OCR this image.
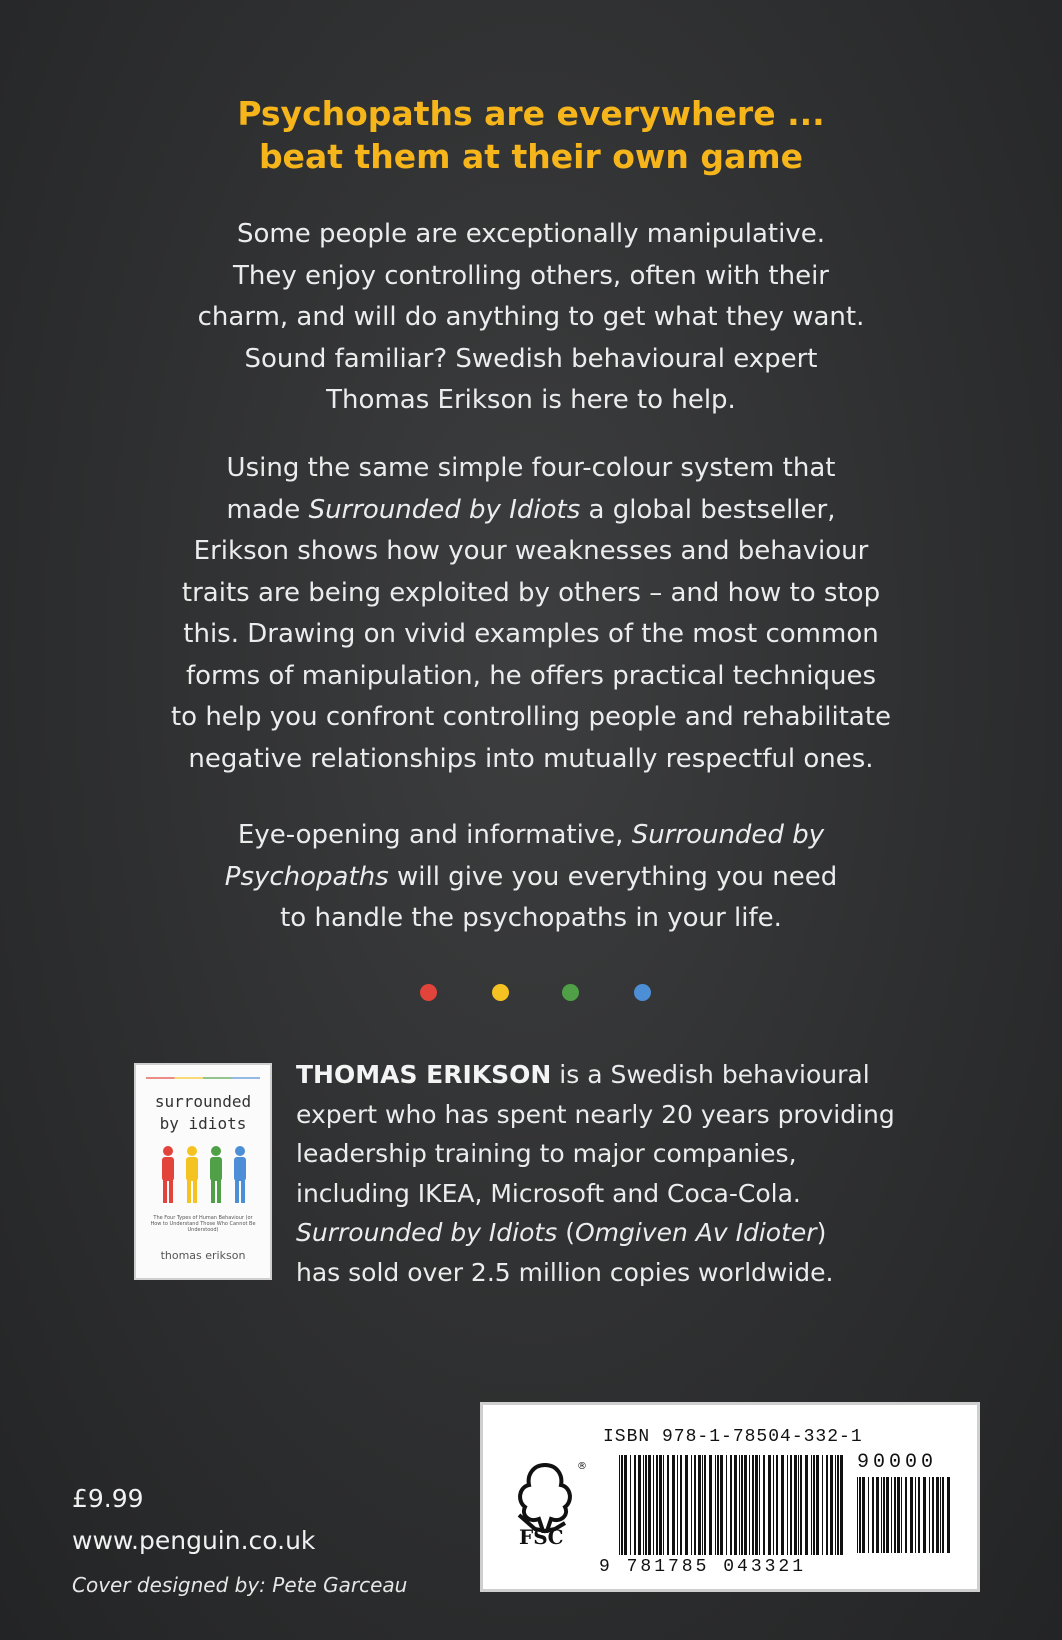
Psychopaths are everywhere ...
beat them at their own game
Some people are exceptionally manipulative.
They enjoy controlling others, often with their
charm, and will do anything to get what they want.
Sound familiar? Swedish behavioural expert
Thomas Erikson is here to help.
Using the same simple four-colour system that
made Surrounded by Idiots a global bestseller,
Erikson shows how your weaknesses and behaviour
traits are being exploited by others – and how to stop
this. Drawing on vivid examples of the most common
forms of manipulation, he offers practical techniques
to help you confront controlling people and rehabilitate
negative relationships into mutually respectful ones.
Eye-opening and informative, Surrounded by
Psychopaths will give you everything you need
to handle the psychopaths in your life.
surrounded
by idiots
The Four Types of Human Behaviour (or How to Understand Those Who Cannot Be Understood)
thomas erikson
THOMAS ERIKSON is a Swedish behavioural
expert who has spent nearly 20 years providing
leadership training to major companies,
including IKEA, Microsoft and Coca-Cola.
Surrounded by Idiots (Omgiven Av Idioter)
has sold over 2.5 million copies worldwide.
£9.99
www.penguin.co.uk
Cover designed by: Pete Garceau
ISBN 978-1-78504-332-1
®
FSC
9 781785 043321
90000
